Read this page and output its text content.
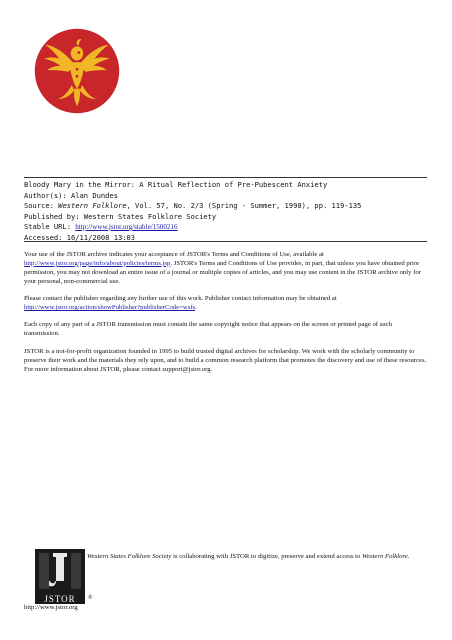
Bloody Mary in the Mirror: A Ritual Reflection of Pre-Pubescent Anxiety
Author(s): Alan Dundes
Source: Western Folklore, Vol. 57, No. 2/3 (Spring - Summer, 1998), pp. 119-135
Published by: Western States Folklore Society
Stable URL: http://www.jstor.org/stable/1500216
Accessed: 16/11/2008 13:03

Your use of the JSTOR archive indicates your acceptance of JSTOR's Terms and Conditions of Use, available at http://www.jstor.org/page/info/about/policies/terms.jsp. JSTOR's Terms and Conditions of Use provides, in part, that unless you have obtained prior permission, you may not download an entire issue of a journal or multiple copies of articles, and you may use content in the JSTOR archive only for your personal, non-commercial use.

Please contact the publisher regarding any further use of this work. Publisher contact information may be obtained at http://www.jstor.org/action/showPublisher?publisherCode=wsfs.

Each copy of any part of a JSTOR transmission must contain the same copyright notice that appears on the screen or printed page of such transmission.

JSTOR is a not-for-profit organization founded in 1995 to build trusted digital archives for scholarship. We work with the scholarly community to preserve their work and the materials they rely upon, and to build a common research platform that promotes the discovery and use of these resources. For more information about JSTOR, please contact support@jstor.org.

JSTOR ®
http://www.jstor.org
Western States Folklore Society is collaborating with JSTOR to digitize, preserve and extend access to Western Folklore.
